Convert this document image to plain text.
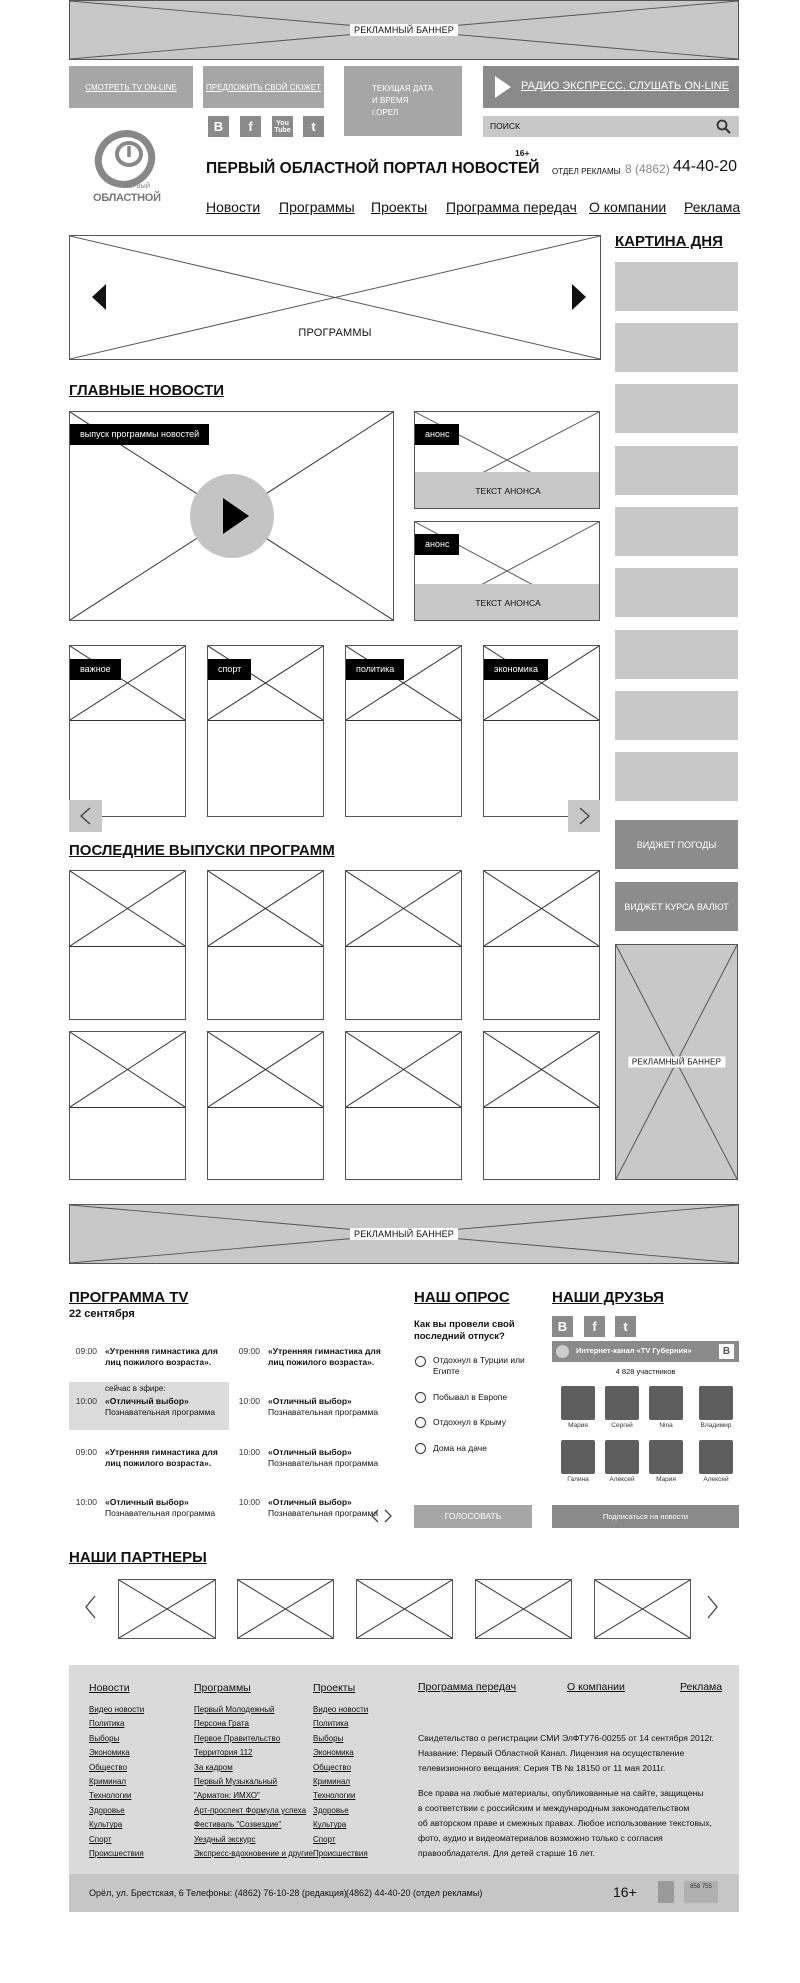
РЕКЛАМНЫЙ БАННЕР
СМОТРЕТЬ TV ON-LINE	ПРЕДЛОЖИТЬ СВОЙ СЮЖЕТ
В	f	You Tube	t
ТЕКУЩАЯ ДАТА
И ВРЕМЯ
г.ОРЕЛ
РАДИО ЭКСПРЕСС. СЛУШАТЬ ON-LINE
ПОИСК
ПЕРВЫЙ
ОБЛАСТНОЙ
ПЕРВЫЙ ОБЛАСТНОЙ ПОРТАЛ НОВОСТЕЙ
16+
ОТДЕЛ РЕКЛАМЫ 8 (4862) 44-40-20
Новости Программы Проекты Программа передач О компании Реклама
ПРОГРАММЫ
КАРТИНА ДНЯ
ВИДЖЕТ ПОГОДЫ
ВИДЖЕТ КУРСА ВАЛЮТ
РЕКЛАМНЫЙ БАННЕР
ГЛАВНЫЕ НОВОСТИ
выпуск программы новостей	анонс
ТЕКСТ АНОНСА
анонс
ТЕКСТ АНОНСА
важное	спорт	политика	экономика
ПОСЛЕДНИЕ ВЫПУСКИ ПРОГРАММ
РЕКЛАМНЫЙ БАННЕР
ПРОГРАММА TV
22 сентября
сейчас в эфире:
09:00 «Утренняя гимнастика для лиц пожилого возраста».
10:00 «Отличный выбор»
Познавательная программа
09:00 «Утренняя гимнастика для лиц пожилого возраста».
10:00 «Отличный выбор»
Познавательная программа
09:00 «Утренняя гимнастика для лиц пожилого возраста».
10:00 «Отличный выбор»
Познавательная программа
10:00 «Отличный выбор»
Познавательная программа
10:00 «Отличный выбор»
Познавательная программа
НАШ ОПРОС
Как вы провели свой последний отпуск?
Отдохнул в Турции или Египте
Побывал в Европе
Отдохнул в Крыму
Дома на даче
ГОЛОСОВАТЬ
НАШИ ДРУЗЬЯ
В	f	t
Интернет-канал «TV Губерния»	В
4 828 участников
Мария	Сергей	Nina	Владимир
Галина	Алексей	Мария	Алексей
Подписаться на новости
НАШИ ПАРТНЕРЫ
Новости
Видео новости
Политика
Выборы
Экономика
Общество
Криминал
Технологии
Здоровье
Культура
Спорт
Происшествия
Программы
Первый Молодежный
Персона Грата
Первое Правительство
Территория 112
За кадром
Первый Музыкальный
"Арматон: ИМХО"
Арт-проспект Формула успеха
Фестиваль "Созвездие"
Уездный экскурс
Экспресс-вдохновение и другие
Проекты
Видео новости
Политика
Выборы
Экономика
Общество
Криминал
Технологии
Здоровье
Культура
Спорт
Происшествия
Программа передач	О компании	Реклама
Свидетельство о регистрации СМИ ЭлФТУ76-00255 от 14 сентября 2012г.
Название: Первый Областной Канал. Лицензия на осуществление
телевизионного вещания: Серия ТВ № 18150 от 11 мая 2011г.
Все права на любые материалы, опубликованные на сайте, защищены
в соответствии с российским и международным законодательством
об авторском праве и смежных правах. Любое использование текстовых,
фото, аудио и видеоматериалов возможно только с согласия
правообладателя. Для детей старше 16 лет.
Орёл, ул. Брестская, 6 Телефоны: (4862) 76-10-28 (редакция) (4862) 44-40-20 (отдел рекламы)	16+	858 755
